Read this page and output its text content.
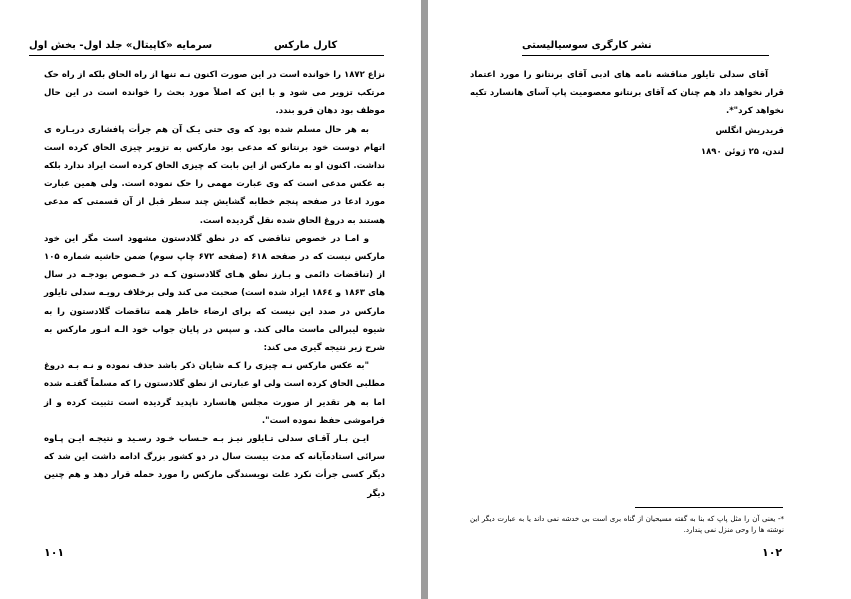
سرمایه «کاپیتال» جلد اول- بخش اول	کارل مارکس

نزاع ۱۸۷۲ را خوانده است در این صورت اکنون نـه تنها از راه الحاق بلکه از راه حک مرتکب تزویر می شود و با این که اصلاً مورد بحث را خوانده است در این حال موظف بود دهان فرو بندد.

به هر حال مسلم شده بود که وی حتی یـک آن هم جرأت پافشاری دربـاره ی اتهام دوست خود برنتانو که مدعی بود مارکس به تزویر چیزی الحاق کرده است نداشت. اکنون او به مارکس از این بابت که چیزی الحاق کرده است ایراد ندارد بلکه به عکس مدعی است که وی عبارت مهمی را حک نموده است. ولی همین عبارت مورد ادعا در صفحه پنجم خطابه گشایش چند سطر قبل از آن قسمتی که مدعی هستند به دروغ الحاق شده نقل گردیده است.

و امـا در خصوص تناقضی که در نطق گلادستون مشهود است مگر این خود مارکس نیست که در صفحه ۶۱۸ (صفحه ۶۷۲ چاپ سوم) ضمن حاشیه شماره ۱۰۵ از (تناقضات دائمی و بـارز نطق هـای گلادستون کـه در خـصوص بودجـه در سال های ۱۸۶۳ و ۱۸۶٤ ایراد شده است) صحبت می کند ولی برخلاف رویـه سدلی تایلور مارکس در صدد این نیست که برای ارضاء خاطر همه تناقضات گلادستون را به شیوه لیبرالی ماست مالی کند. و سپس در پایان جواب خود الـه انـور مارکس به شرح زیر نتیجه گیری می کند:

"به عکس مارکس نـه چیزی را کـه شایان ذکر باشد حذف نموده و نـه بـه دروغ مطلبی الحاق کرده است ولی او عبارتی از نطق گلادستون را که مسلماً گفتـه شده اما به هر تقدیر از صورت مجلس هانسارد ناپدید گردیده است تثبیت کرده و از فراموشی حفظ نموده است".

ایـن بـار آقـای سدلی تـایلور نیـز بـه حـساب خـود رسـید و نتیجـه ایـن پـاوه سرائی استادمآبانه که مدت بیست سال در دو کشور بزرگ ادامه داشت این شد که دیگر کسی جرأت نکرد علت نویسندگی مارکس را مورد حمله قرار دهد و هم چنین دیگر

۱۰۱
نشر کارگری سوسیالیستی

آقای سدلی تایلور مناقشه نامه های ادبی آقای برنتانو را مورد اعتماد قرار نخواهد داد هم چنان که آقای برنتانو معصومیت پاپ آسای هانسارد تکیه نخواهد کرد"*.

فریدریش انگلس
لندن، ۲۵ ژوئن ۱۸۹۰
*- یعنی آن را مثل پاپ که بنا به گفته مسیحیان از گناه بری است بی خدشه نمی داند یا به عبارت دیگر این نوشته ها را وحی منزل نمی پندارد.
۱۰۲
